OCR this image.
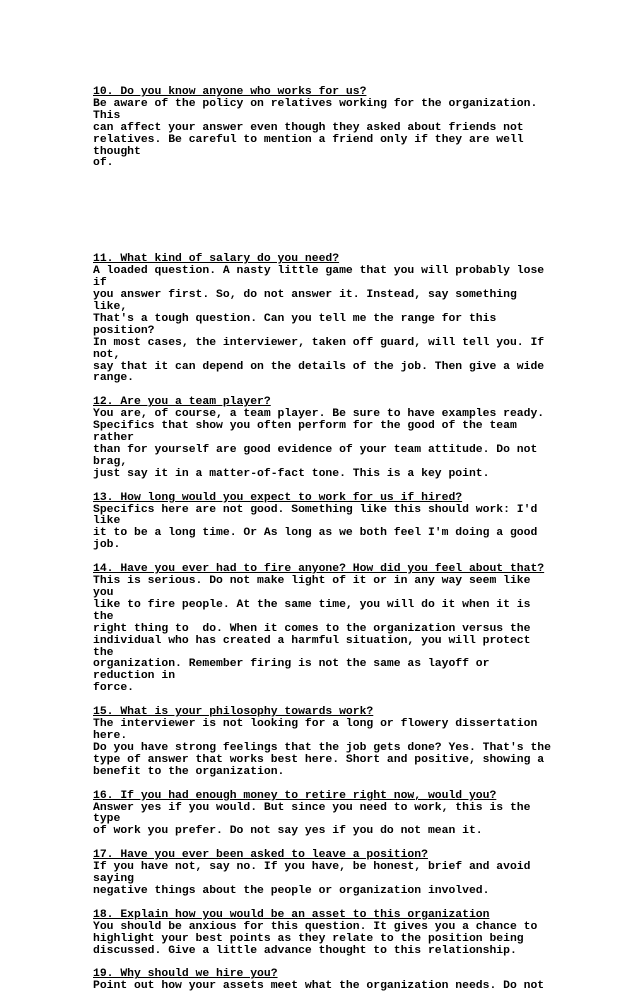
10. Do you know anyone who works for us?
Be aware of the policy on relatives working for the organization. This
can affect your answer even though they asked about friends not
relatives. Be careful to mention a friend only if they are well thought
of.
11. What kind of salary do you need?
A loaded question. A nasty little game that you will probably lose if
you answer first. So, do not answer it. Instead, say something like,
That's a tough question. Can you tell me the range for this position?
In most cases, the interviewer, taken off guard, will tell you. If not,
say that it can depend on the details of the job. Then give a wide
range.
12. Are you a team player?
You are, of course, a team player. Be sure to have examples ready.
Specifics that show you often perform for the good of the team rather
than for yourself are good evidence of your team attitude. Do not brag,
just say it in a matter-of-fact tone. This is a key point.
13. How long would you expect to work for us if hired?
Specifics here are not good. Something like this should work: I'd like
it to be a long time. Or As long as we both feel I'm doing a good job.
14. Have you ever had to fire anyone? How did you feel about that?
This is serious. Do not make light of it or in any way seem like you
like to fire people. At the same time, you will do it when it is the
right thing to  do. When it comes to the organization versus the
individual who has created a harmful situation, you will protect the
organization. Remember firing is not the same as layoff or reduction in
force.
15. What is your philosophy towards work?
The interviewer is not looking for a long or flowery dissertation here.
Do you have strong feelings that the job gets done? Yes. That's the
type of answer that works best here. Short and positive, showing a
benefit to the organization.
16. If you had enough money to retire right now, would you?
Answer yes if you would. But since you need to work, this is the type
of work you prefer. Do not say yes if you do not mean it.
17. Have you ever been asked to leave a position?
If you have not, say no. If you have, be honest, brief and avoid saying
negative things about the people or organization involved.
18. Explain how you would be an asset to this organization
You should be anxious for this question. It gives you a chance to
highlight your best points as they relate to the position being
discussed. Give a little advance thought to this relationship.
19. Why should we hire you?
Point out how your assets meet what the organization needs. Do not
